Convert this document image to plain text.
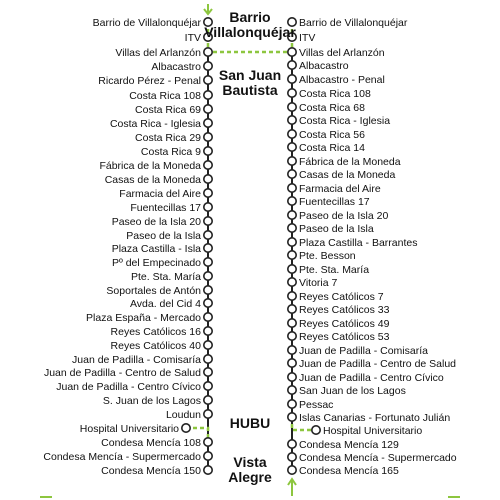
Barrio de Villalonquéjar
ITV
Villas del Arlanzón
Albacastro
Ricardo Pérez - Penal
Costa Rica 108
Costa Rica 69
Costa Rica - Iglesia
Costa Rica 29
Costa Rica 9
Fábrica de la Moneda
Casas de la Moneda
Farmacia del Aire
Fuentecillas 17
Paseo de la Isla 20
Paseo de la Isla
Plaza Castilla - Isla
Pº del Empecinado
Pte. Sta. María
Soportales de Antón
Avda. del Cid 4
Plaza España - Mercado
Reyes Católicos 16
Reyes Católicos 40
Juan de Padilla - Comisaría
Juan de Padilla - Centro de Salud
Juan de Padilla - Centro Cívico
S. Juan de los Lagos
Loudun
Hospital Universitario
Condesa Mencía 108
Condesa Mencía - Supermercado
Condesa Mencía 150
Barrio de Villalonquéjar
ITV
Villas del Arlanzón
Albacastro
Albacastro - Penal
Costa Rica 108
Costa Rica 68
Costa Rica - Iglesia
Costa Rica 56
Costa Rica 14
Fábrica de la Moneda
Casas de la Moneda
Farmacia del Aire
Fuentecillas 17
Paseo de la Isla 20
Paseo de la Isla
Plaza Castilla - Barrantes
Pte. Besson
Pte. Sta. María
Vitoria 7
Reyes Católicos 7
Reyes Católicos 33
Reyes Católicos 49
Reyes Católicos 53
Juan de Padilla - Comisaría
Juan de Padilla - Centro de Salud
Juan de Padilla - Centro Cívico
San Juan de los Lagos
Pessac
Islas Canarias - Fortunato Julián
Hospital Universitario
Condesa Mencía 129
Condesa Mencía - Supermercado
Condesa Mencía 165
Barrio Villalonquéjar
San Juan Bautista
HUBU
Vista Alegre
